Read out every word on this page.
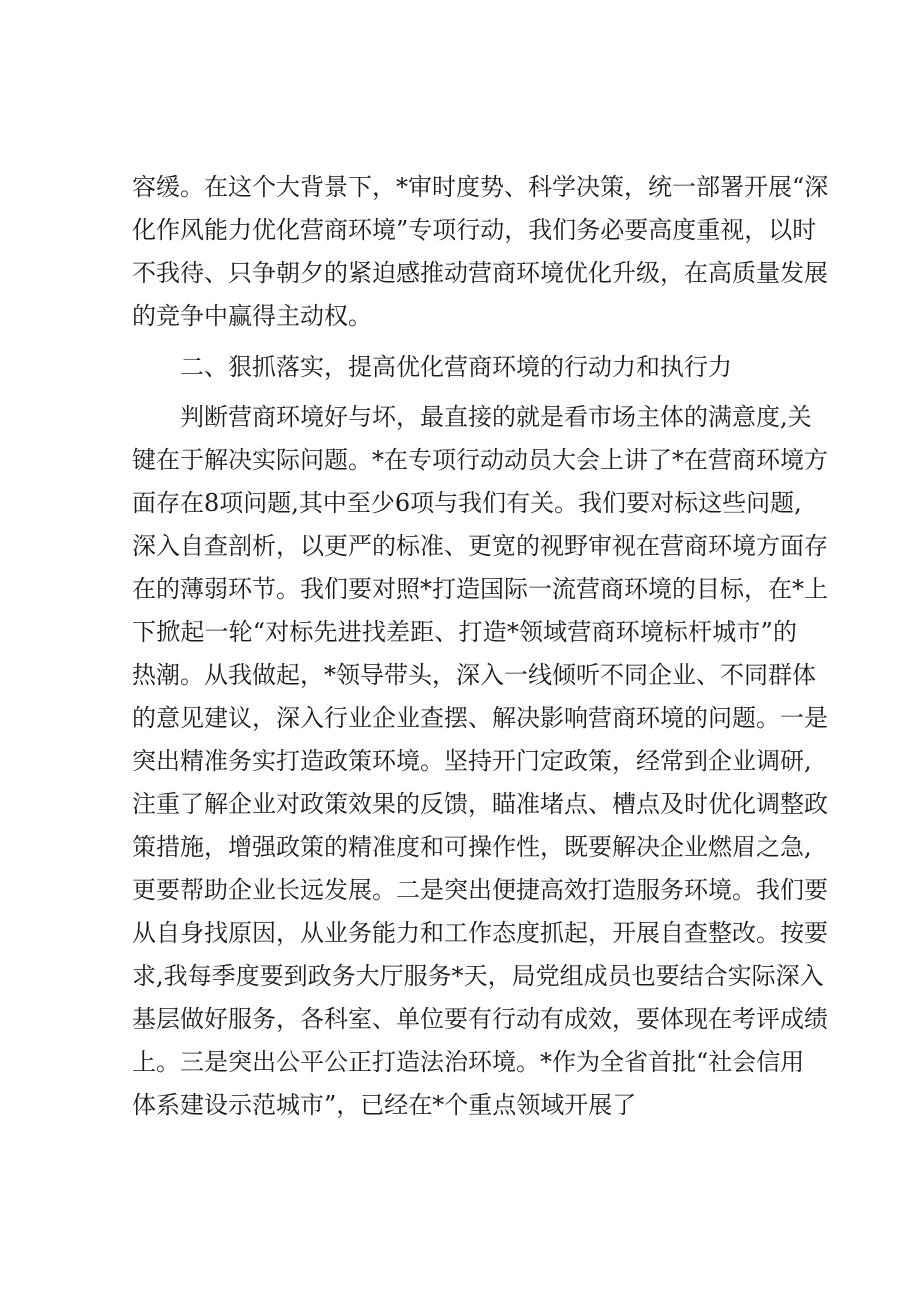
容缓。在这个大背景下，*审时度势、科学决策，统一部署开展“深
化作风能力优化营商环境”专项行动，我们务必要高度重视，以时
不我待、只争朝夕的紧迫感推动营商环境优化升级，在高质量发展
的竞争中赢得主动权。
二、狠抓落实，提高优化营商环境的行动力和执行力
判断营商环境好与坏，最直接的就是看市场主体的满意度,关
键在于解决实际问题。*在专项行动动员大会上讲了*在营商环境方
面存在8项问题,其中至少6项与我们有关。我们要对标这些问题,
深入自查剖析，以更严的标准、更宽的视野审视在营商环境方面存
在的薄弱环节。我们要对照*打造国际一流营商环境的目标，在*上
下掀起一轮“对标先进找差距、打造*领域营商环境标杆城市”的
热潮。从我做起，*领导带头，深入一线倾听不同企业、不同群体
的意见建议，深入行业企业查摆、解决影响营商环境的问题。一是
突出精准务实打造政策环境。坚持开门定政策，经常到企业调研,
注重了解企业对政策效果的反馈，瞄准堵点、槽点及时优化调整政
策措施，增强政策的精准度和可操作性，既要解决企业燃眉之急,
更要帮助企业长远发展。二是突出便捷高效打造服务环境。我们要
从自身找原因，从业务能力和工作态度抓起，开展自查整改。按要
求,我每季度要到政务大厅服务*天，局党组成员也要结合实际深入
基层做好服务，各科室、单位要有行动有成效，要体现在考评成绩
上。三是突出公平公正打造法治环境。*作为全省首批“社会信用
体系建设示范城市”，已经在*个重点领域开展了
